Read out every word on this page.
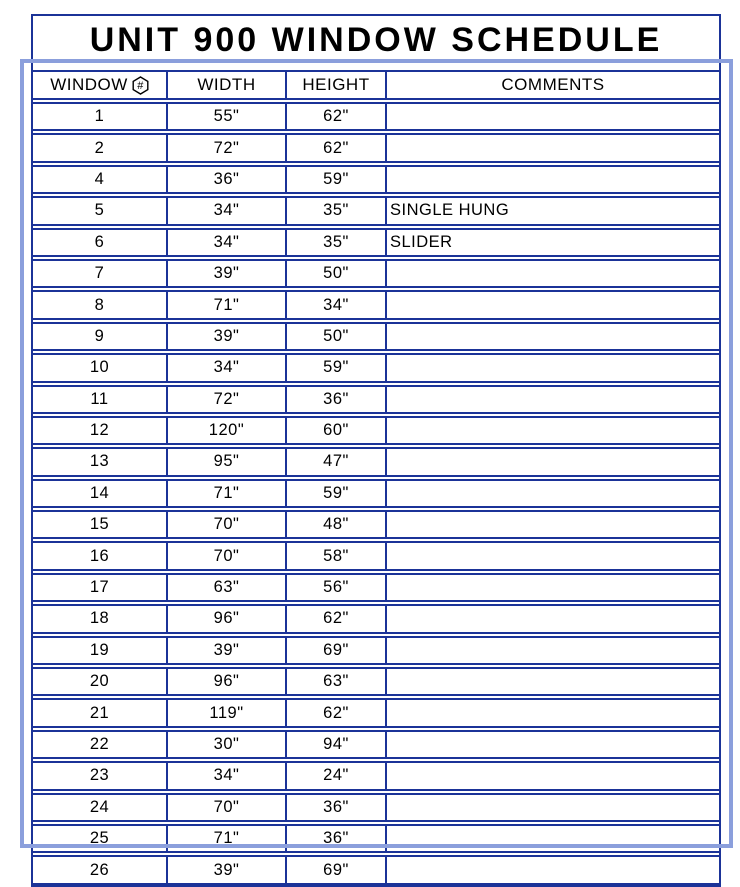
UNIT 900 WINDOW SCHEDULE
WINDOW #	WIDTH	HEIGHT	COMMENTS
1	55"	62"
2	72"	62"
4	36"	59"
5	34"	35"	SINGLE HUNG
6	34"	35"	SLIDER
7	39"	50"
8	71"	34"
9	39"	50"
10	34"	59"
11	72"	36"
12	120"	60"
13	95"	47"
14	71"	59"
15	70"	48"
16	70"	58"
17	63"	56"
18	96"	62"
19	39"	69"
20	96"	63"
21	119"	62"
22	30"	94"
23	34"	24"
24	70"	36"
25	71"	36"
26	39"	69"
